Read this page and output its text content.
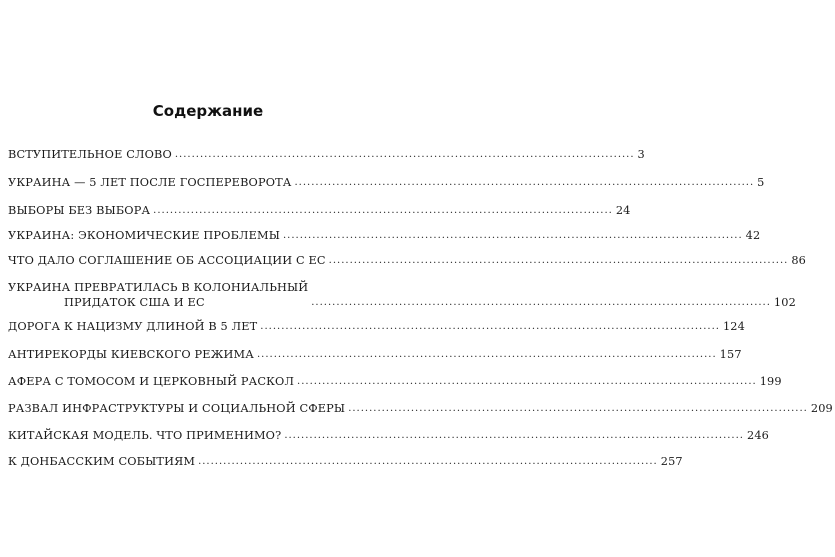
Содержание
ВСТУПИТЕЛЬНОЕ СЛОВО .............................................................................................................. 3
УКРАИНА — 5 ЛЕТ ПОСЛЕ ГОСПЕРЕВОРОТА .............................................................................................................. 5
ВЫБОРЫ БЕЗ ВЫБОРА .............................................................................................................. 24
УКРАИНА: ЭКОНОМИЧЕСКИЕ ПРОБЛЕМЫ .............................................................................................................. 42
ЧТО ДАЛО СОГЛАШЕНИЕ ОБ АССОЦИАЦИИ С ЕС .............................................................................................................. 86
УКРАИНА ПРЕВРАТИЛАСЬ В КОЛОНИАЛЬНЫЙ
ПРИДАТОК США И ЕС	.............................................................................................................. 102
ДОРОГА К НАЦИЗМУ ДЛИНОЙ В 5 ЛЕТ .............................................................................................................. 124
АНТИРЕКОРДЫ КИЕВСКОГО РЕЖИМА .............................................................................................................. 157
АФЕРА С ТОМОСОМ И ЦЕРКОВНЫЙ РАСКОЛ .............................................................................................................. 199
РАЗВАЛ ИНФРАСТРУКТУРЫ И СОЦИАЛЬНОЙ СФЕРЫ .............................................................................................................. 209
КИТАЙСКАЯ МОДЕЛЬ. ЧТО ПРИМЕНИМО? .............................................................................................................. 246
К ДОНБАССКИМ СОБЫТИЯМ .............................................................................................................. 257
